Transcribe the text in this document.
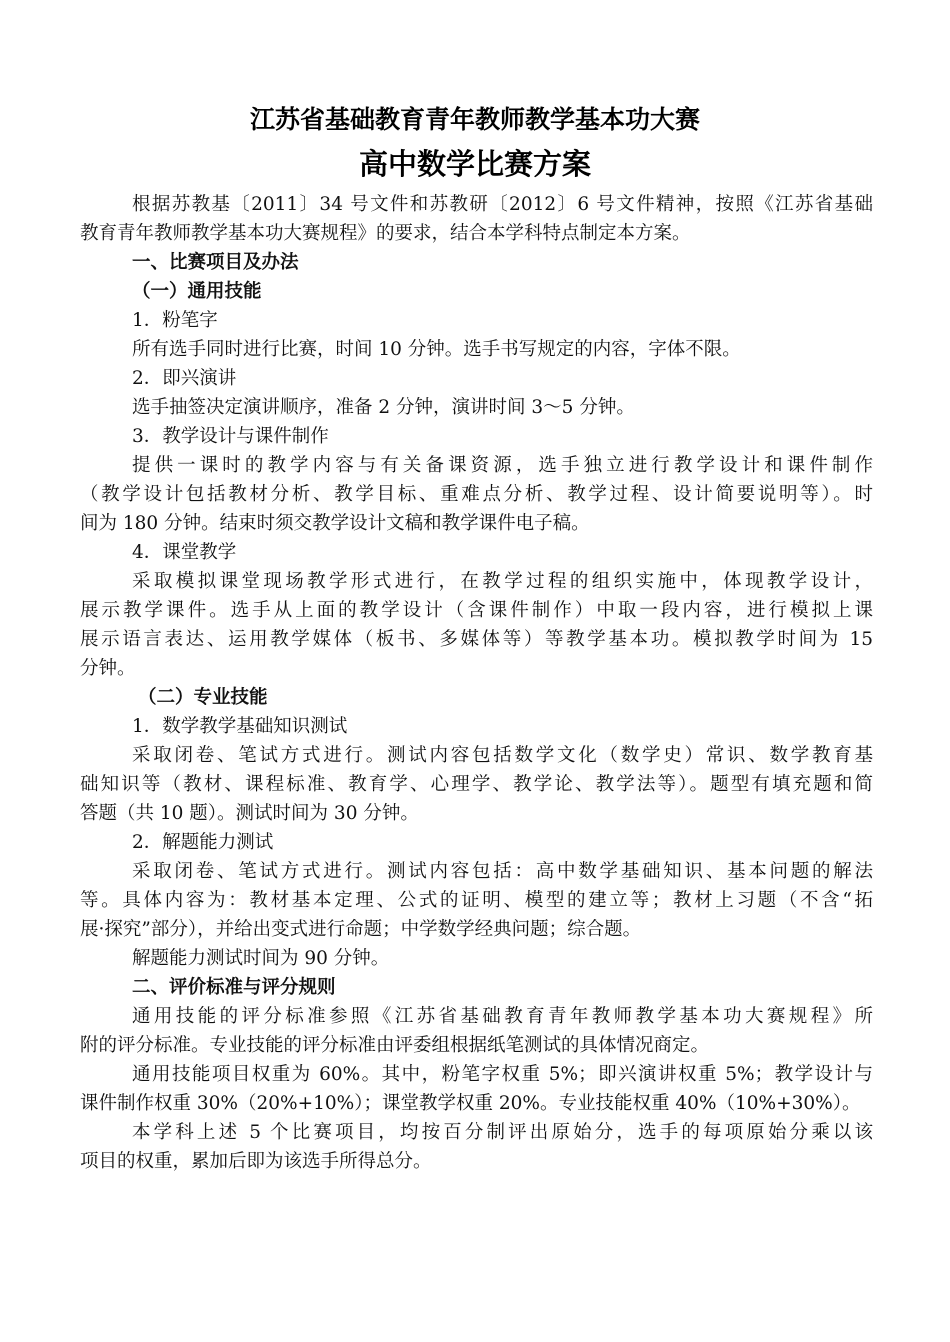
江苏省基础教育青年教师教学基本功大赛
高中数学比赛方案
根据苏教基〔2011〕34 号文件和苏教研〔2012〕6 号文件精神，按照《江苏省基础
教育青年教师教学基本功大赛规程》的要求，结合本学科特点制定本方案。
一、比赛项目及办法
（一）通用技能
1．粉笔字
所有选手同时进行比赛，时间 10 分钟。选手书写规定的内容，字体不限。
2．即兴演讲
选手抽签决定演讲顺序，准备 2 分钟，演讲时间 3～5 分钟。
3．教学设计与课件制作
提供一课时的教学内容与有关备课资源，选手独立进行教学设计和课件制作
（教学设计包括教材分析、教学目标、重难点分析、教学过程、设计简要说明等）。时
间为 180 分钟。结束时须交教学设计文稿和教学课件电子稿。
4．课堂教学
采取模拟课堂现场教学形式进行，在教学过程的组织实施中，体现教学设计，
展示教学课件。选手从上面的教学设计（含课件制作）中取一段内容，进行模拟上课
展示语言表达、运用教学媒体（板书、多媒体等）等教学基本功。模拟教学时间为 15
分钟。
（二）专业技能
1．数学教学基础知识测试
采取闭卷、笔试方式进行。测试内容包括数学文化（数学史）常识、数学教育基
础知识等（教材、课程标准、教育学、心理学、教学论、教学法等）。题型有填充题和简
答题（共 10 题）。测试时间为 30 分钟。
2．解题能力测试
采取闭卷、笔试方式进行。测试内容包括：高中数学基础知识、基本问题的解法
等。具体内容为：教材基本定理、公式的证明、模型的建立等；教材上习题（不含“拓
展·探究”部分），并给出变式进行命题；中学数学经典问题；综合题。
解题能力测试时间为 90 分钟。
二、评价标准与评分规则
通用技能的评分标准参照《江苏省基础教育青年教师教学基本功大赛规程》所
附的评分标准。专业技能的评分标准由评委组根据纸笔测试的具体情况商定。
通用技能项目权重为 60%。其中，粉笔字权重 5%；即兴演讲权重 5%；教学设计与
课件制作权重 30%（20%+10%）；课堂教学权重 20%。专业技能权重 40%（10%+30%）。
本学科上述 5 个比赛项目，均按百分制评出原始分，选手的每项原始分乘以该
项目的权重，累加后即为该选手所得总分。
